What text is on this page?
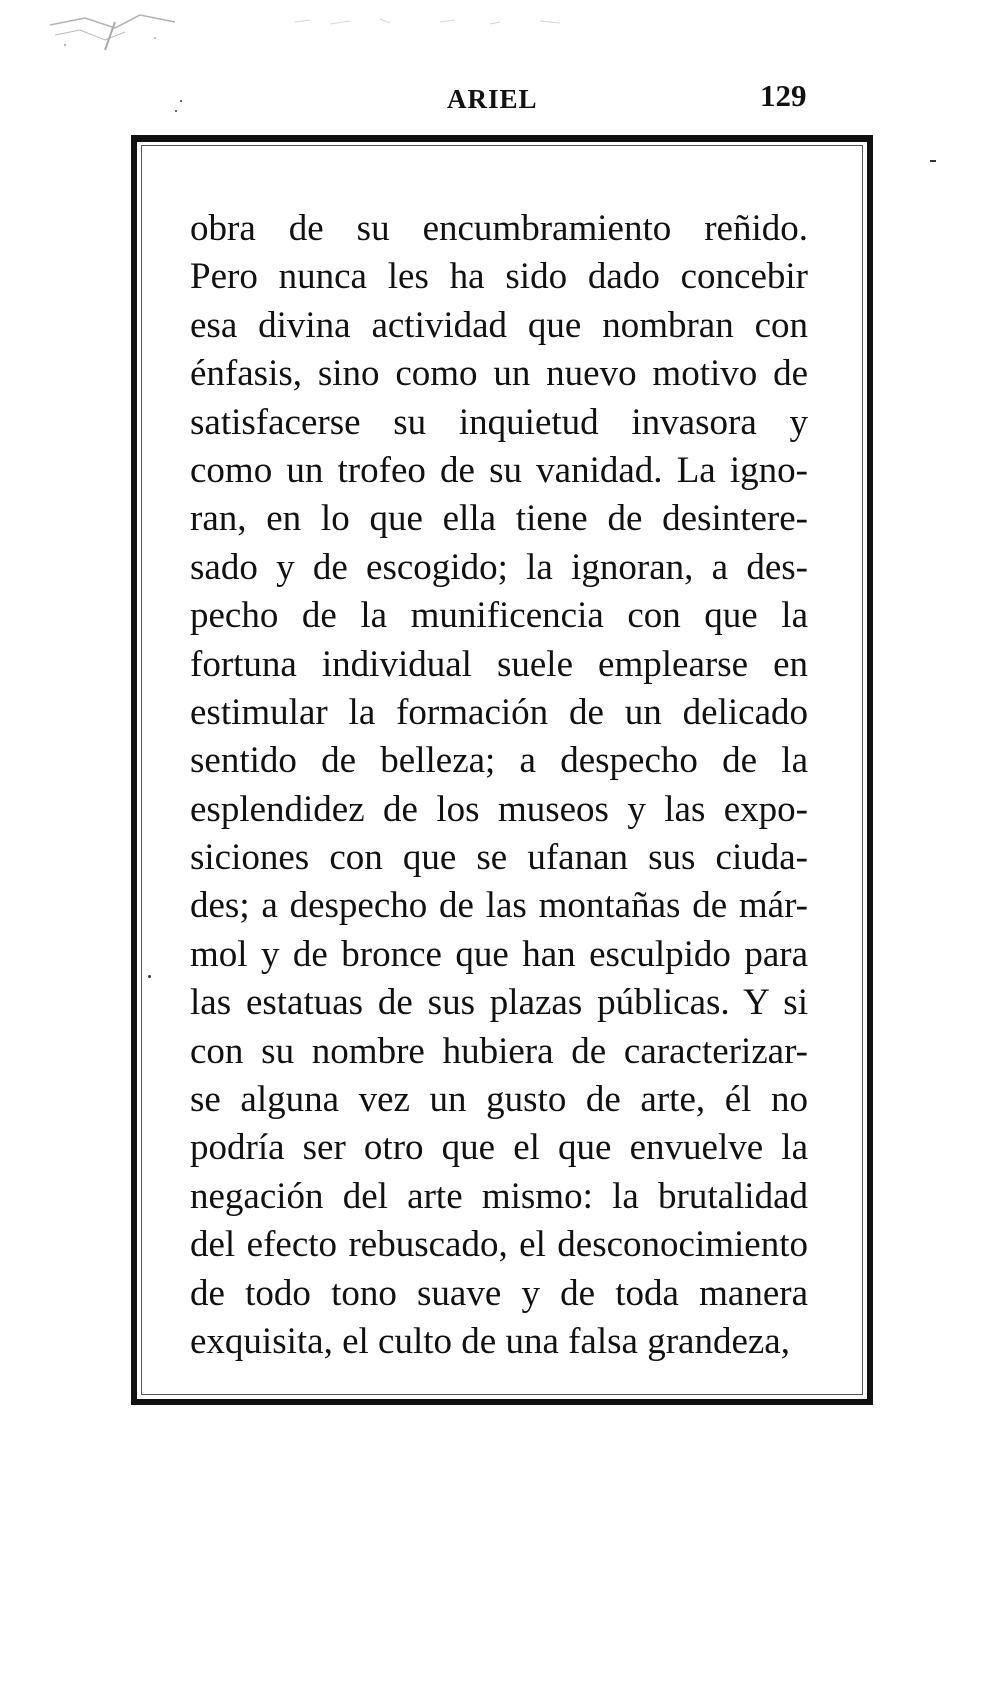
ARIEL	129
obra de su encumbramiento reñido.
Pero nunca les ha sido dado concebir
esa divina actividad que nombran con
énfasis, sino como un nuevo motivo de
satisfacerse su inquietud invasora y
como un trofeo de su vanidad. La igno-
ran, en lo que ella tiene de desintere-
sado y de escogido; la ignoran, a des-
pecho de la munificencia con que la
fortuna individual suele emplearse en
estimular la formación de un delicado
sentido de belleza; a despecho de la
esplendidez de los museos y las expo-
siciones con que se ufanan sus ciuda-
des; a despecho de las montañas de már-
mol y de bronce que han esculpido para
las estatuas de sus plazas públicas. Y si
con su nombre hubiera de caracterizar-
se alguna vez un gusto de arte, él no
podría ser otro que el que envuelve la
negación del arte mismo: la brutalidad
del efecto rebuscado, el desconocimiento
de todo tono suave y de toda manera
exquisita, el culto de una falsa grandeza,
